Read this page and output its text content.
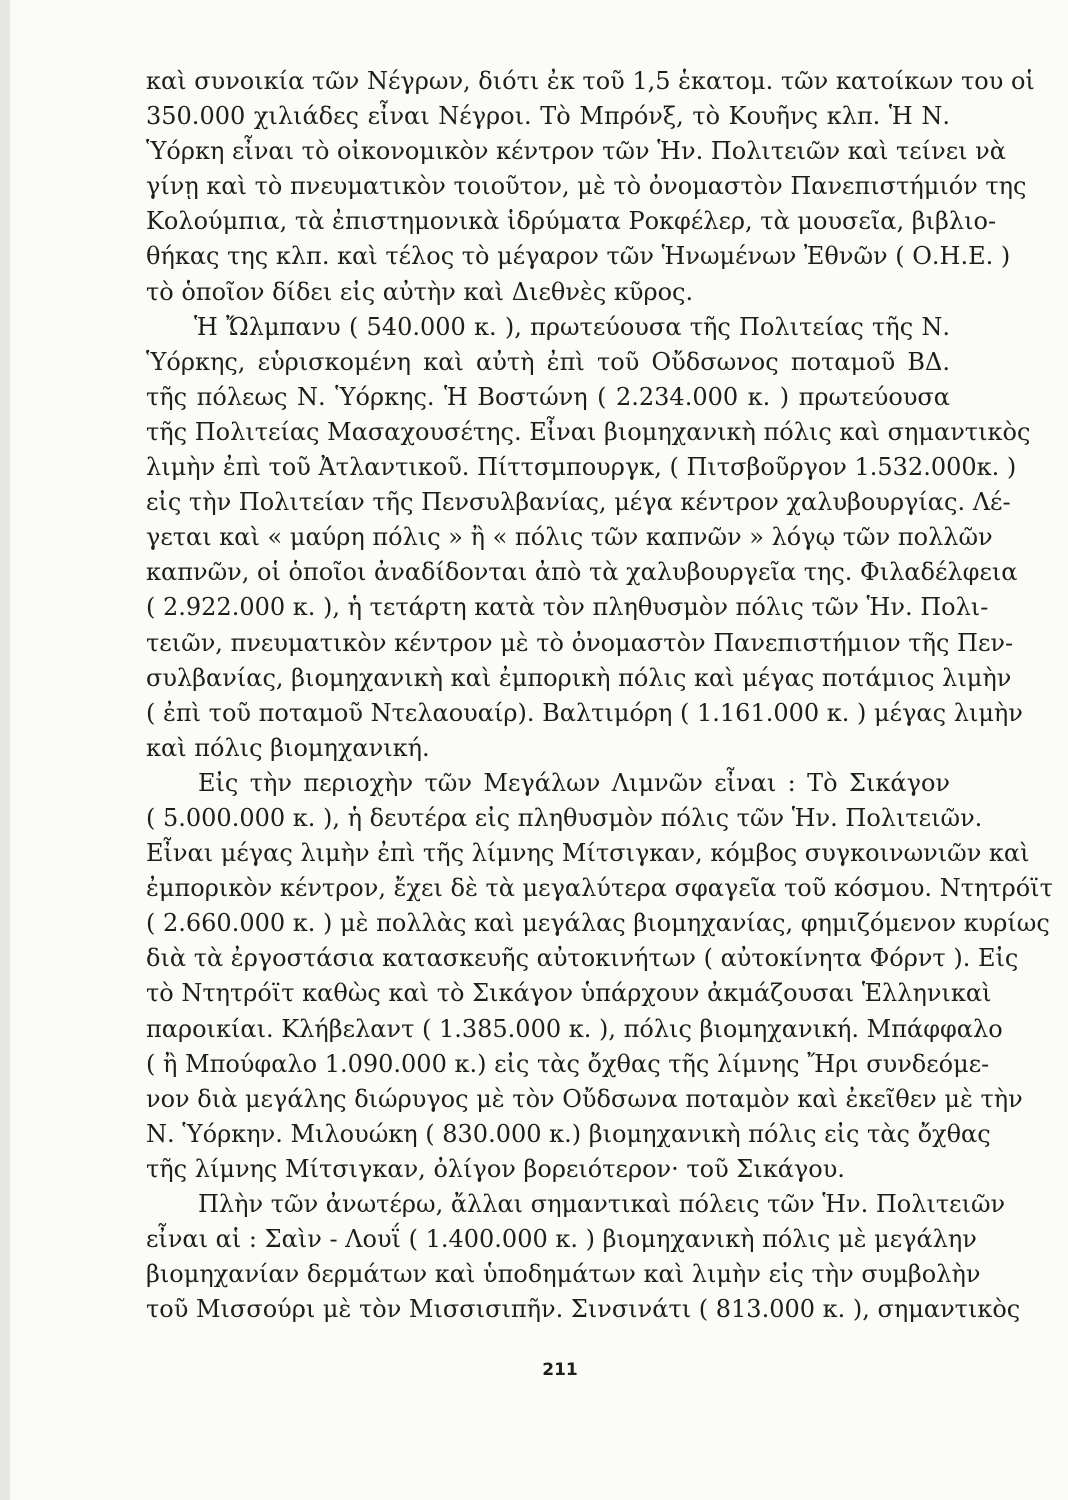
καὶ συνοικία τῶν Νέγρων, διότι ἐκ τοῦ 1,5 ἑκατομ. τῶν κατοίκων του οἱ
350.000 χιλιάδες εἶναι Νέγροι. Τὸ Μπρόνξ, τὸ Κουῆνς κλπ. Ἡ Ν.
Ὑόρκη εἶναι τὸ οἰκονομικὸν κέντρον τῶν Ἡν. Πολιτειῶν καὶ τείνει νὰ
γίνῃ καὶ τὸ πνευματικὸν τοιοῦτον, μὲ τὸ ὀνομαστὸν Πανεπιστήμιόν της
Κολούμπια, τὰ ἐπιστημονικὰ ἱδρύματα Ροκφέλερ, τὰ μουσεῖα, βιβλιο-
θήκας της κλπ. καὶ τέλος τὸ μέγαρον τῶν Ἡνωμένων Ἐθνῶν ( Ο.Η.Ε. )
τὸ ὁποῖον δίδει εἰς αὐτὴν καὶ Διεθνὲς κῦρος.
Ἡ Ὤλμπανυ ( 540.000 κ. ), πρωτεύουσα τῆς Πολιτείας τῆς Ν.
Ὑόρκης, εὑρισκομένη καὶ αὐτὴ ἐπὶ τοῦ Οὔδσωνος ποταμοῦ ΒΔ.
τῆς πόλεως Ν. Ὑόρκης. Ἡ Βοστώνη ( 2.234.000 κ. ) πρωτεύουσα
τῆς Πολιτείας Μασαχουσέτης. Εἶναι βιομηχανικὴ πόλις καὶ σημαντικὸς
λιμὴν ἐπὶ τοῦ Ἀτλαντικοῦ. Πίττσμπουργκ, ( Πιτσβοῦργον 1.532.000κ. )
εἰς τὴν Πολιτείαν τῆς Πενσυλβανίας, μέγα κέντρον χαλυβουργίας. Λέ-
γεται καὶ « μαύρη πόλις » ἢ « πόλις τῶν καπνῶν » λόγῳ τῶν πολλῶν
καπνῶν, οἱ ὁποῖοι ἀναδίδονται ἀπὸ τὰ χαλυβουργεῖα της. Φιλαδέλφεια
( 2.922.000 κ. ), ἡ τετάρτη κατὰ τὸν πληθυσμὸν πόλις τῶν Ἡν. Πολι-
τειῶν, πνευματικὸν κέντρον μὲ τὸ ὀνομαστὸν Πανεπιστήμιον τῆς Πεν-
συλβανίας, βιομηχανικὴ καὶ ἐμπορικὴ πόλις καὶ μέγας ποτάμιος λιμὴν
( ἐπὶ τοῦ ποταμοῦ Ντελαουαίρ). Βαλτιμόρη ( 1.161.000 κ. ) μέγας λιμὴν
καὶ πόλις βιομηχανική.
Εἰς τὴν περιοχὴν τῶν Μεγάλων Λιμνῶν εἶναι : Τὸ Σικάγον
( 5.000.000 κ. ), ἡ δευτέρα εἰς πληθυσμὸν πόλις τῶν Ἡν. Πολιτειῶν.
Εἶναι μέγας λιμὴν ἐπὶ τῆς λίμνης Μίτσιγκαν, κόμβος συγκοινωνιῶν καὶ
ἐμπορικὸν κέντρον, ἔχει δὲ τὰ μεγαλύτερα σφαγεῖα τοῦ κόσμου. Ντητρόϊτ
( 2.660.000 κ. ) μὲ πολλὰς καὶ μεγάλας βιομηχανίας, φημιζόμενον κυρίως
διὰ τὰ ἐργοστάσια κατασκευῆς αὐτοκινήτων ( αὐτοκίνητα Φόρντ ). Εἰς
τὸ Ντητρόϊτ καθὼς καὶ τὸ Σικάγον ὑπάρχουν ἀκμάζουσαι Ἑλληνικαὶ
παροικίαι. Κλήβελαντ ( 1.385.000 κ. ), πόλις βιομηχανική. Μπάφφαλο
( ἢ Μπούφαλο 1.090.000 κ.) εἰς τὰς ὄχθας τῆς λίμνης Ἤρι συνδεόμε-
νον διὰ μεγάλης διώρυγος μὲ τὸν Οὔδσωνα ποταμὸν καὶ ἐκεῖθεν μὲ τὴν
Ν. Ὑόρκην. Μιλουώκη ( 830.000 κ.) βιομηχανικὴ πόλις εἰς τὰς ὄχθας
τῆς λίμνης Μίτσιγκαν, ὀλίγον βορειότερον· τοῦ Σικάγου.
Πλὴν τῶν ἀνωτέρω, ἄλλαι σημαντικαὶ πόλεις τῶν Ἡν. Πολιτειῶν
εἶναι αἱ : Σαὶν - Λουΐ ( 1.400.000 κ. ) βιομηχανικὴ πόλις μὲ μεγάλην
βιομηχανίαν δερμάτων καὶ ὑποδημάτων καὶ λιμὴν εἰς τὴν συμβολὴν
τοῦ Μισσούρι μὲ τὸν Μισσισιπῆν. Σινσινάτι ( 813.000 κ. ), σημαντικὸς
211
